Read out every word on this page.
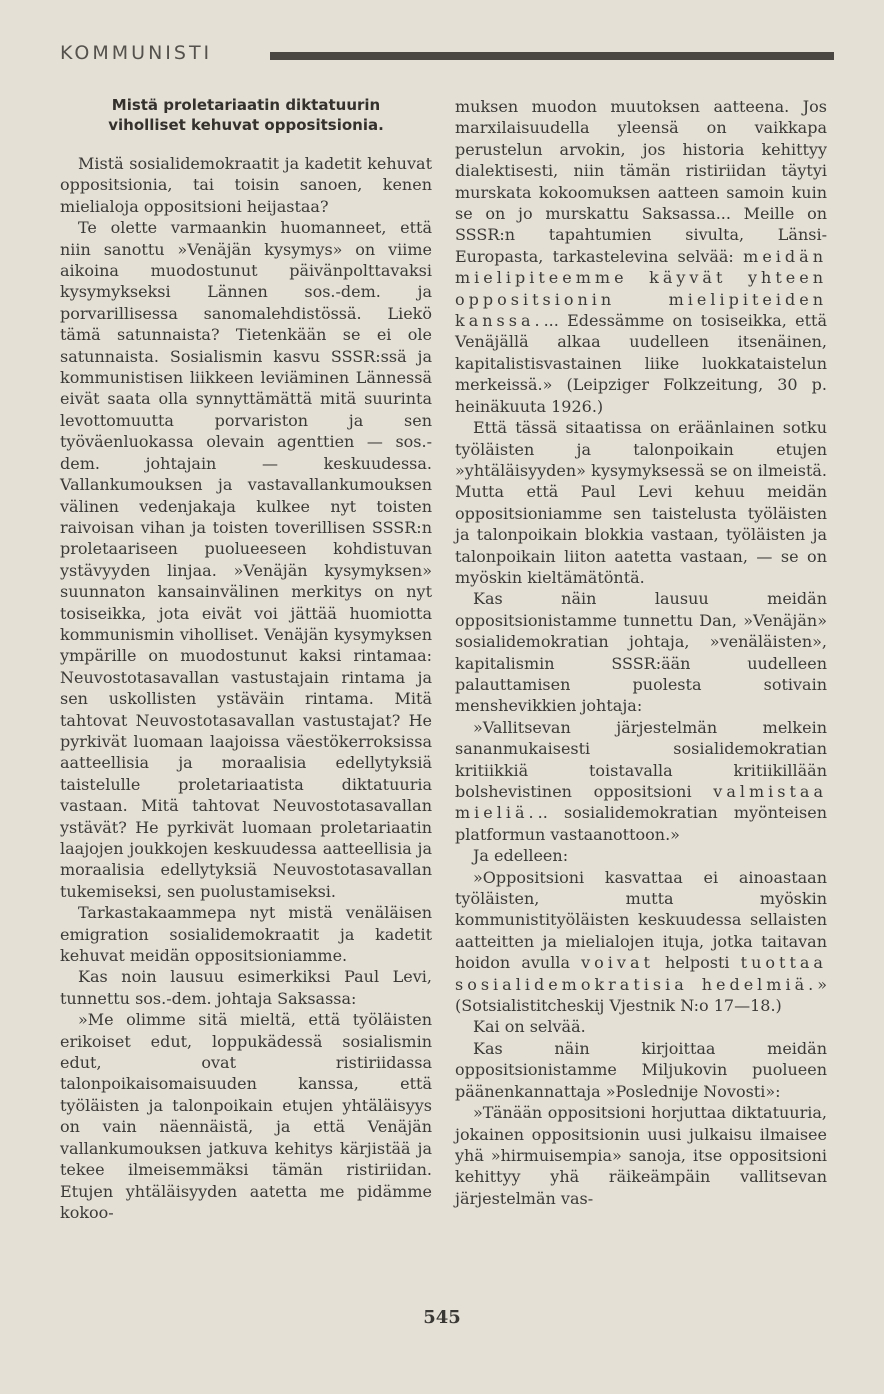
KOMMUNISTI
Mistä proletariaatin diktatuurin
viholliset kehuvat oppositsionia.

Mistä sosialidemokraatit ja kadetit kehuvat oppositsionia, tai toisin sanoen, kenen mielialoja oppositsioni heijastaa?

Te olette varmaankin huomanneet, että niin sanottu »Venäjän kysymys» on viime aikoina muodostunut päivänpolttavaksi kysymykseksi Lännen sos.-dem. ja porvarillisessa sanomalehdistössä. Liekö tämä satunnaista? Tietenkään se ei ole satunnaista. Sosialismin kasvu SSSR:ssä ja kommunistisen liikkeen leviäminen Lännessä eivät saata olla synnyttämättä mitä suurinta levottomuutta porvariston ja sen työväenluokassa olevain agenttien — sos.-dem. johtajain — keskuudessa. Vallankumouksen ja vastavallankumouksen välinen vedenjakaja kulkee nyt toisten raivoisan vihan ja toisten toverillisen SSSR:n proletaariseen puolueeseen kohdistuvan ystävyyden linjaa. »Venäjän kysymyksen» suunnaton kansainvälinen merkitys on nyt tosiseikka, jota eivät voi jättää huomiotta kommunismin viholliset. Venäjän kysymyksen ympärille on muodostunut kaksi rintamaa: Neuvostotasavallan vastustajain rintama ja sen uskollisten ystäväin rintama. Mitä tahtovat Neuvostotasavallan vastustajat? He pyrkivät luomaan laajoissa väestökerroksissa aatteellisia ja moraalisia edellytyksiä taistelulle proletariaatista diktatuuria vastaan. Mitä tahtovat Neuvostotasavallan ystävät? He pyrkivät luomaan proletariaatin laajojen joukkojen keskuudessa aatteellisia ja moraalisia edellytyksiä Neuvostotasavallan tukemiseksi, sen puolustamiseksi.

Tarkastakaammepa nyt mistä venäläisen emigration sosialidemokraatit ja kadetit kehuvat meidän oppositsioniamme.

Kas noin lausuu esimerkiksi Paul Levi, tunnettu sos.-dem. johtaja Saksassa:

»Me olimme sitä mieltä, että työläisten erikoiset edut, loppukädessä sosialismin edut, ovat ristiriidassa talonpoikaisomaisuuden kanssa, että työläisten ja talonpoikain etujen yhtäläisyys on vain näennäistä, ja että Venäjän vallankumouksen jatkuva kehitys kärjistää ja tekee ilmeisemmäksi tämän ristiriidan. Etujen yhtäläisyyden aatetta me pidämme kokoo-

muksen muodon muutoksen aatteena. Jos marxilaisuudella yleensä on vaikkapa perustelun arvokin, jos historia kehittyy dialektisesti, niin tämän ristiriidan täytyi murskata kokoomuksen aatteen samoin kuin se on jo murskattu Saksassa... Meille on SSSR:n tapahtumien sivulta, Länsi-Europasta, tarkastelevina selvää: meidän mielipiteemme käyvät yhteen oppositsionin mielipiteiden kanssa.... Edessämme on tosiseikka, että Venäjällä alkaa uudelleen itsenäinen, kapitalistisvastainen liike luokkataistelun merkeissä.» (Leipziger Folkzeitung, 30 p. heinäkuuta 1926.)

Että tässä sitaatissa on eräänlainen sotku työläisten ja talonpoikain etujen »yhtäläisyyden» kysymyksessä se on ilmeistä. Mutta että Paul Levi kehuu meidän oppositsioniamme sen taistelusta työläisten ja talonpoikain blokkia vastaan, työläisten ja talonpoikain liiton aatetta vastaan, — se on myöskin kieltämätöntä.

Kas näin lausuu meidän oppositsionistamme tunnettu Dan, »Venäjän» sosialidemokratian johtaja, »venäläisten», kapitalismin SSSR:ään uudelleen palauttamisen puolesta sotivain menshevikkien johtaja:

»Vallitsevan järjestelmän melkein sananmukaisesti sosialidemokratian kritiikkiä toistavalla kritiikillään bolshevistinen oppositsioni valmistaa mieliä... sosialidemokratian myönteisen platformun vastaanottoon.»

Ja edelleen:

»Oppositsioni kasvattaa ei ainoastaan työläisten, mutta myöskin kommunistityöläisten keskuudessa sellaisten aatteitten ja mielialojen ituja, jotka taitavan hoidon avulla voivat helposti tuottaa sosialidemokratisia hedelmiä.» (Sotsialistitcheskij Vjestnik N:o 17—18.)

Kai on selvää.

Kas näin kirjoittaa meidän oppositsionistamme Miljukovin puolueen päänenkannattaja »Poslednije Novosti»:

»Tänään oppositsioni horjuttaa diktatuuria, jokainen oppositsionin uusi julkaisu ilmaisee yhä »hirmuisempia» sanoja, itse oppositsioni kehittyy yhä räikeämpäin vallitsevan järjestelmän vas-

545
